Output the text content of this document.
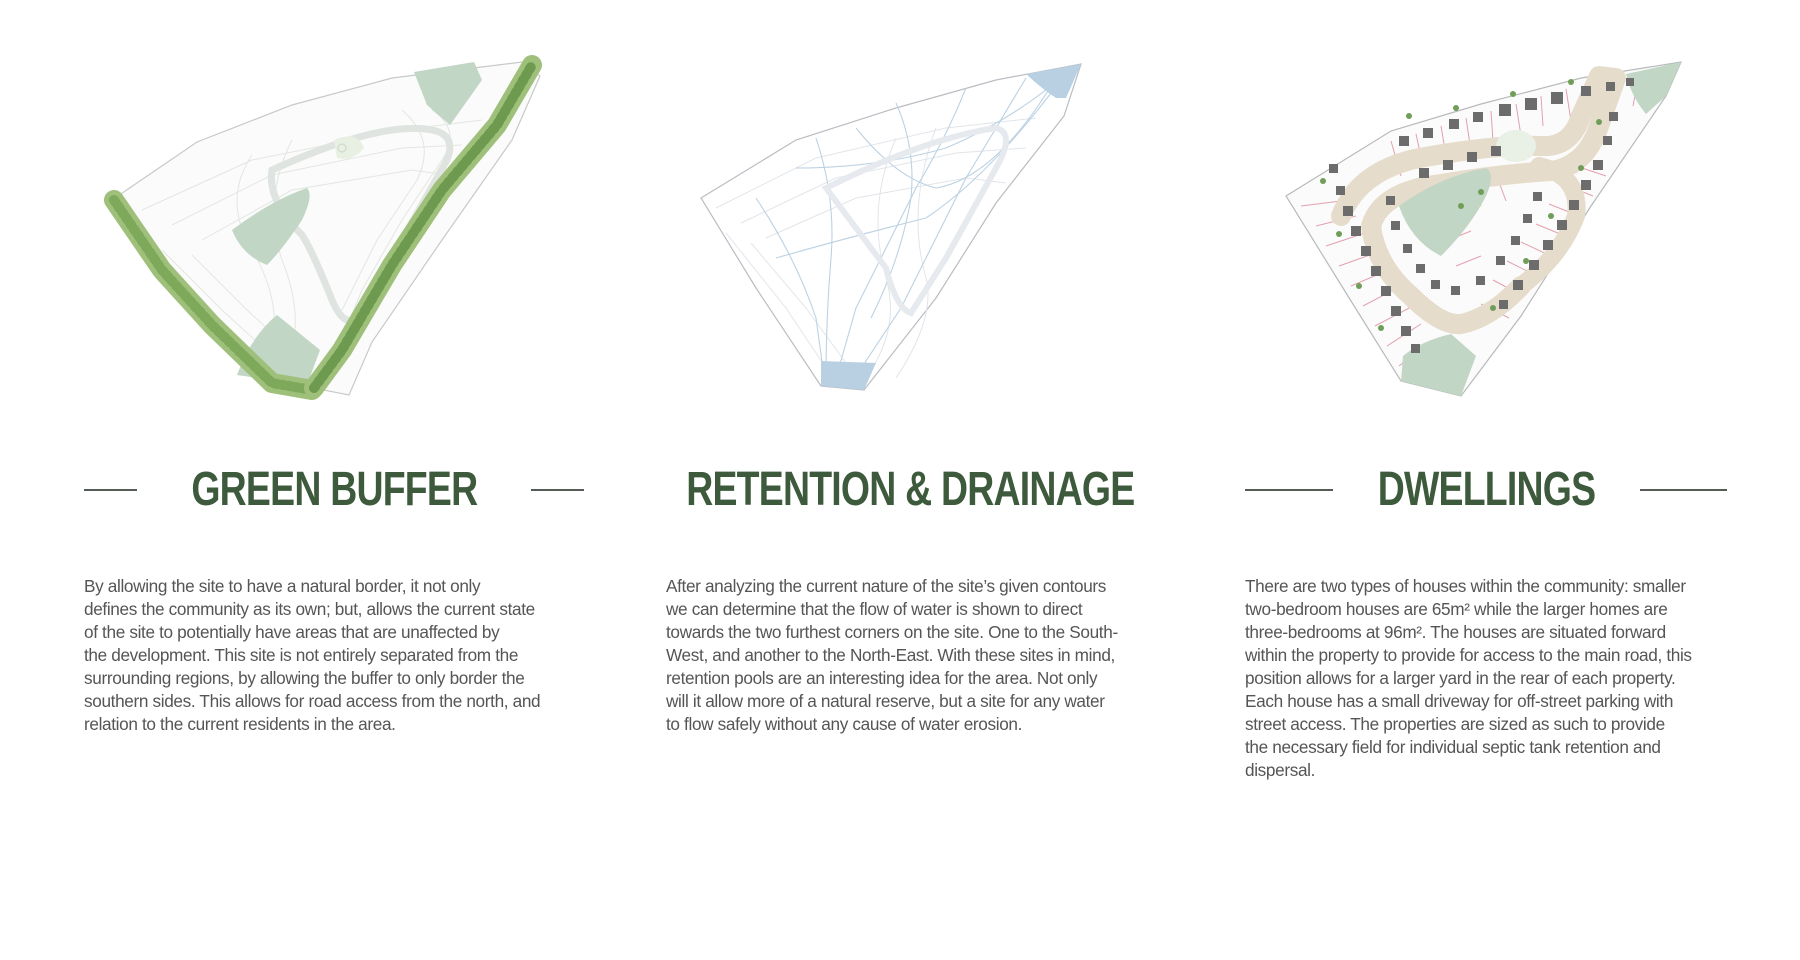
GREEN BUFFER

By allowing the site to have a natural border, it not only
defines the community as its own; but, allows the current state
of the site to potentially have areas that are unaffected by
the development. This site is not entirely separated from the
surrounding regions, by allowing the buffer to only border the
southern sides. This allows for road access from the north, and
relation to the current residents in the area.

RETENTION & DRAINAGE

After analyzing the current nature of the site’s given contours
we can determine that the flow of water is shown to direct
towards the two furthest corners on the site. One to the South-
West, and another to the North-East. With these sites in mind,
retention pools are an interesting idea for the area. Not only
will it allow more of a natural reserve, but a site for any water
to flow safely without any cause of water erosion.

DWELLINGS

There are two types of houses within the community: smaller
two-bedroom houses are 65m² while the larger homes are
three-bedrooms at 96m². The houses are situated forward
within the property to provide for access to the main road, this
position allows for a larger yard in the rear of each property.
Each house has a small driveway for off-street parking with
street access. The properties are sized as such to provide
the necessary field for individual septic tank retention and
dispersal.
